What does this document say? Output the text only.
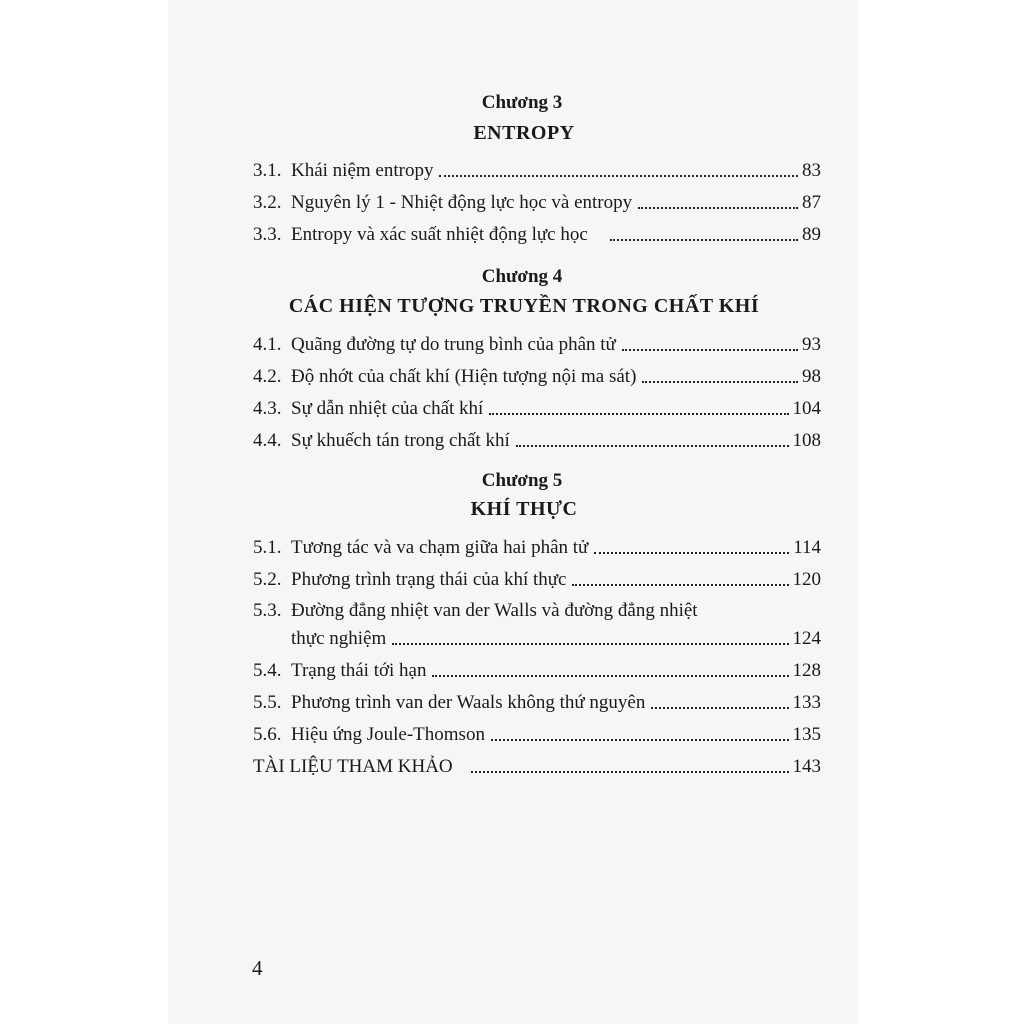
Chương 3
ENTROPY
3.1. Khái niệm entropy	83
3.2. Nguyên lý 1 - Nhiệt động lực học và entropy	87
3.3. Entropy và xác suất nhiệt động lực học	89
Chương 4
CÁC HIỆN TƯỢNG TRUYỀN TRONG CHẤT KHÍ
4.1. Quãng đường tự do trung bình của phân tử	93
4.2. Độ nhớt của chất khí (Hiện tượng nội ma sát)	98
4.3. Sự dẫn nhiệt của chất khí	104
4.4. Sự khuếch tán trong chất khí	108
Chương 5
KHÍ THỰC
5.1. Tương tác và va chạm giữa hai phân tử	114
5.2. Phương trình trạng thái của khí thực	120
5.3. Đường đẳng nhiệt van der Walls và đường đẳng nhiệt
thực nghiệm	124
5.4. Trạng thái tới hạn	128
5.5. Phương trình van der Waals không thứ nguyên	133
5.6. Hiệu ứng Joule-Thomson	135
TÀI LIỆU THAM KHẢO	143
4
